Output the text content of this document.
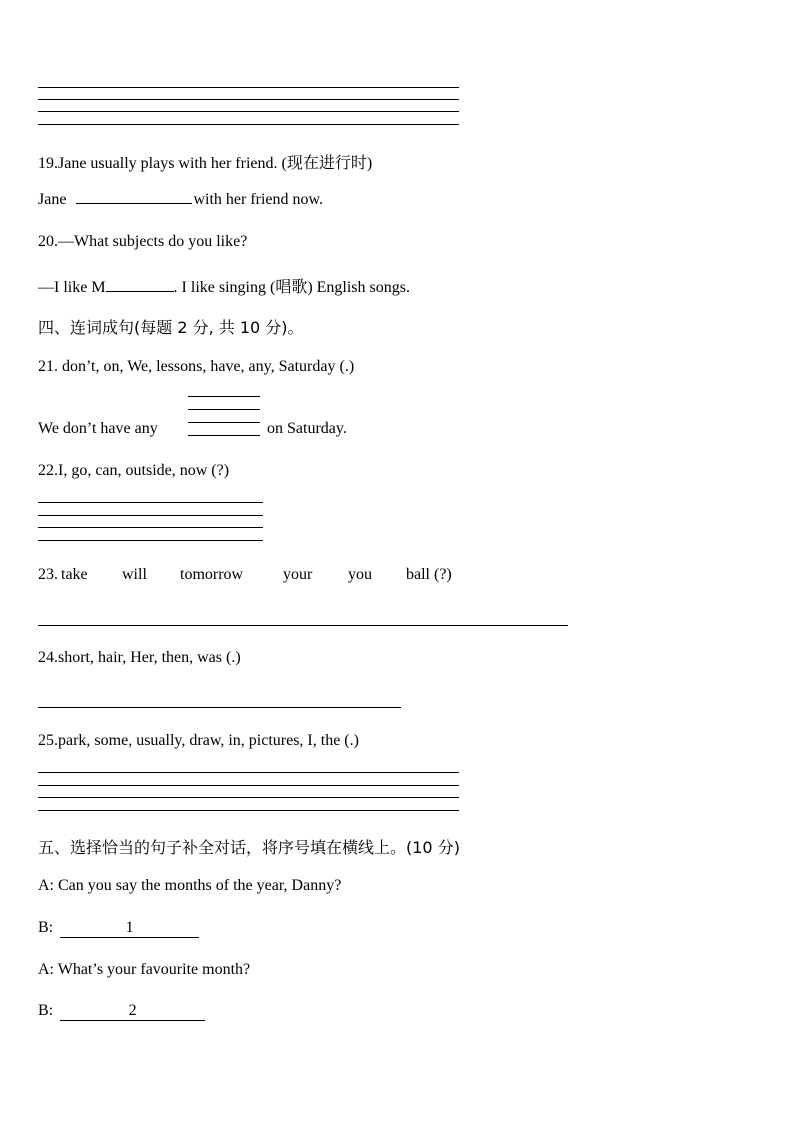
19.Jane usually plays with her friend. (现在进行时)
Jane	with her friend now.
20.—What subjects do you like?
—I like M	. I like singing (唱歌) English songs.
四、连词成句(每题 2 分, 共 10 分)。
21. don’t, on, We, lessons, have, any, Saturday (.)
We don’t have any	on Saturday.
22.I, go, can, outside, now (?)
23. take will tomorrow your you ball (?)
24.short, hair, Her, then, was (.)
25.park, some, usually, draw, in, pictures, I, the (.)
五、选择恰当的句子补全对话，将序号填在横线上。(10 分)
A: Can you say the months of the year, Danny?
B:	1
A: What’s your favourite month?
B:	2
